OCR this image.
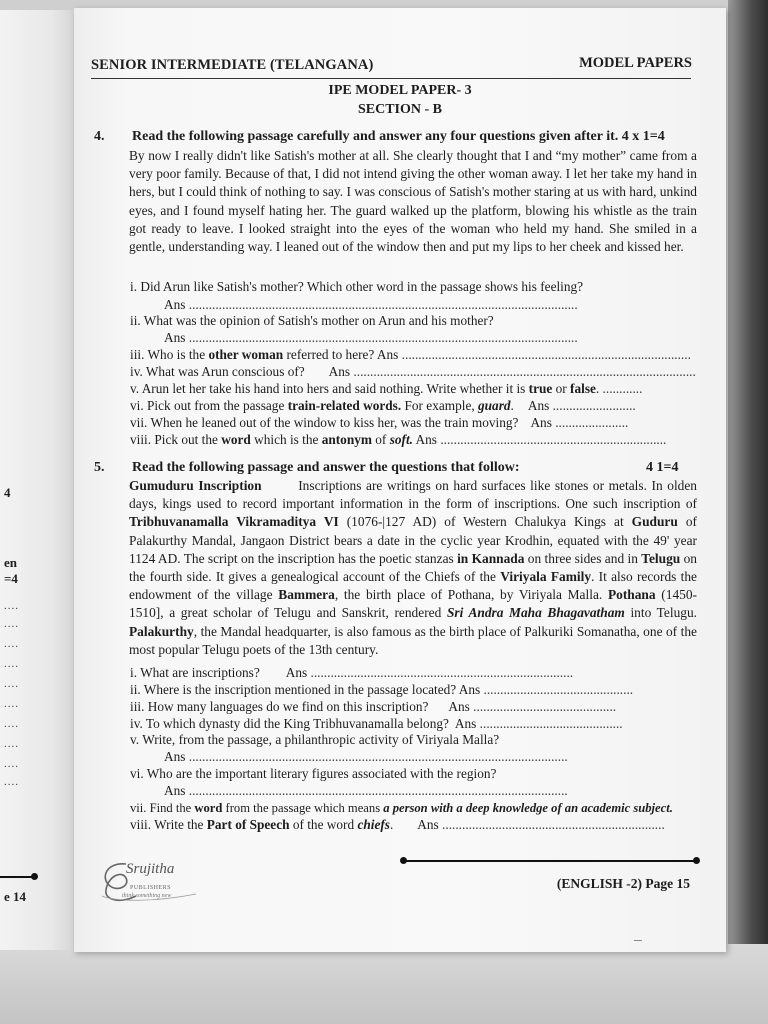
4
en
=4
....
....
....
....
....
....
....
....
....
....
e 14
SENIOR INTERMEDIATE (TELANGANA)	MODEL PAPERS
IPE MODEL PAPER- 3
SECTION - B
4. Read the following passage carefully and answer any four questions given after it. 4 x 1=4

By now I really didn't like Satish's mother at all. She clearly thought that I and “my mother” came from a very poor family. Because of that, I did not intend giving the other woman away. I let her take my hand in hers, but I could think of nothing to say. I was conscious of Satish's mother staring at us with hard, unkind eyes, and I found myself hating her. The guard walked up the platform, blowing his whistle as the train got ready to leave. I looked straight into the eyes of the woman who held my hand. She smiled in a gentle, understanding way. I leaned out of the window then and put my lips to her cheek and kissed her.

i. Did Arun like Satish's mother? Which other word in the passage shows his feeling?
Ans .....................................................................................................................
ii. What was the opinion of Satish's mother on Arun and his mother?
Ans .....................................................................................................................
iii. Who is the other woman referred to here? Ans .......................................................................................
iv. What was Arun conscious of? Ans .......................................................................................................
v. Arun let her take his hand into hers and said nothing. Write whether it is true or false. ............
vi. Pick out from the passage train-related words. For example, guard. Ans .........................
vii. When he leaned out of the window to kiss her, was the train moving? Ans ......................
viii. Pick out the word which is the antonym of soft. Ans ....................................................................
5. Read the following passage and answer the questions that follow:	4 1=4

Gumuduru Inscription	Inscriptions are writings on hard surfaces like stones or metals. In olden days, kings used to record important information in the form of inscriptions. One such inscription of Tribhuvanamalla Vikramaditya VI (1076-|127 AD) of Western Chalukya Kings at Guduru of Palakurthy Mandal, Jangaon District bears a date in the cyclic year Krodhin, equated with the 49' year 1124 AD. The script on the inscription has the poetic stanzas in Kannada on three sides and in Telugu on the fourth side. It gives a genealogical account of the Chiefs of the Viriyala Family. It also records the endowment of the village Bammera, the birth place of Pothana, by Viriyala Malla. Pothana (1450-1510], a great scholar of Telugu and Sanskrit, rendered Sri Andra Maha Bhagavatham into Telugu. Palakurthy, the Mandal headquarter, is also famous as the birth place of Palkuriki Somanatha, one of the most popular Telugu poets of the 13th century.

i. What are inscriptions? Ans ...............................................................................
ii. Where is the inscription mentioned in the passage located? Ans .............................................
iii. How many languages do we find on this inscription? Ans ...........................................
iv. To which dynasty did the King Tribhuvanamalla belong? Ans ...........................................
v. Write, from the passage, a philanthropic activity of Viriyala Malla?
Ans ..................................................................................................................
vi. Who are the important literary figures associated with the region?
Ans ..................................................................................................................
vii. Find the word from the passage which means a person with a deep knowledge of an academic subject.
viii. Write the Part of Speech of the word chiefs. Ans ...................................................................
Srujitha
PUBLISHERS
think something new
(ENGLISH -2) Page 15
